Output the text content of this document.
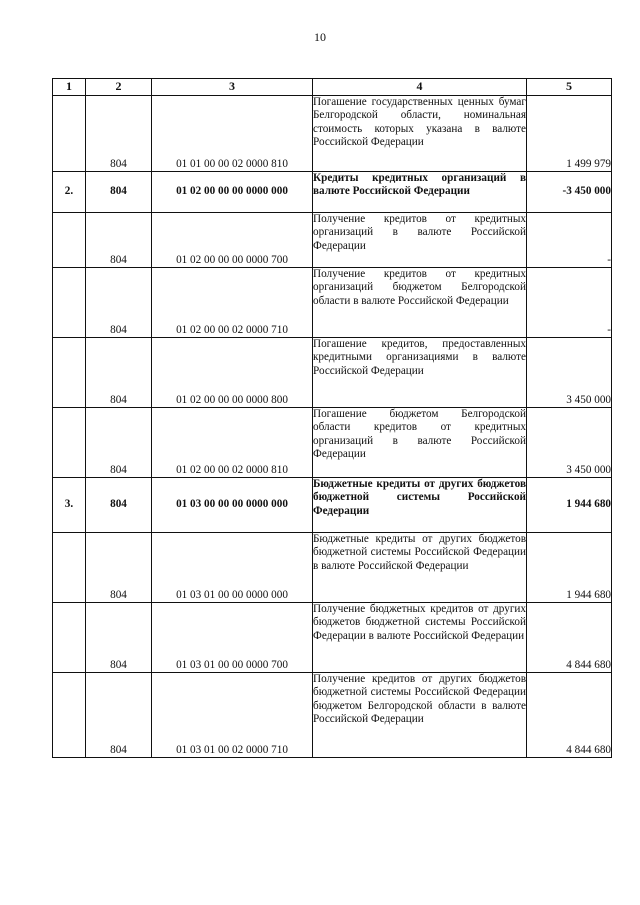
10
1	2	3	4	5
	804	01 01 00 00 02 0000 810	Погашение государственных ценных бумаг Белгородской области, номинальная стоимость которых указана в валюте Российской Федерации	1 499 979
2.	804	01 02 00 00 00 0000 000	Кредиты кредитных организаций в валюте Российской Федерации	-3 450 000
	804	01 02 00 00 00 0000 700	Получение кредитов от кредитных организаций в валюте Российской Федерации	-
	804	01 02 00 00 02 0000 710	Получение кредитов от кредитных организаций бюджетом Белгородской области в валюте Российской Федерации	-
	804	01 02 00 00 00 0000 800	Погашение кредитов, предоставленных кредитными организациями в валюте Российской Федерации	3 450 000
	804	01 02 00 00 02 0000 810	Погашение бюджетом Белгородской области кредитов от кредитных организаций в валюте Российской Федерации	3 450 000
3.	804	01 03 00 00 00 0000 000	Бюджетные кредиты от других бюджетов бюджетной системы Российской Федерации	1 944 680
	804	01 03 01 00 00 0000 000	Бюджетные кредиты от других бюджетов бюджетной системы Российской Федерации в валюте Российской Федерации	1 944 680
	804	01 03 01 00 00 0000 700	Получение бюджетных кредитов от других бюджетов бюджетной системы Российской Федерации в валюте Российской Федерации	4 844 680
	804	01 03 01 00 02 0000 710	Получение кредитов от других бюджетов бюджетной системы Российской Федерации бюджетом Белгородской области в валюте Российской Федерации	4 844 680
